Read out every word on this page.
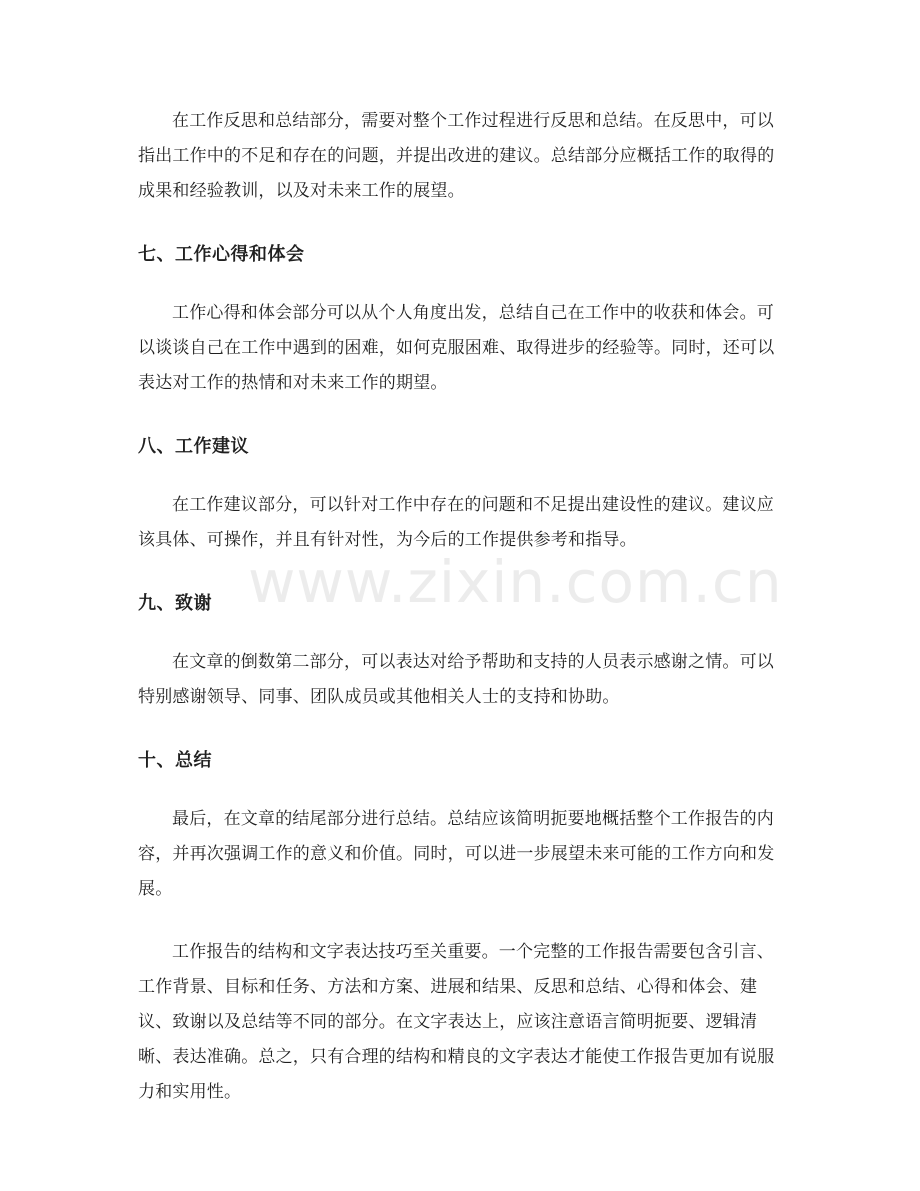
在工作反思和总结部分，需要对整个工作过程进行反思和总结。在反思中，可以指出工作中的不足和存在的问题，并提出改进的建议。总结部分应概括工作的取得的成果和经验教训，以及对未来工作的展望。

七、工作心得和体会

工作心得和体会部分可以从个人角度出发，总结自己在工作中的收获和体会。可以谈谈自己在工作中遇到的困难，如何克服困难、取得进步的经验等。同时，还可以表达对工作的热情和对未来工作的期望。

八、工作建议

在工作建议部分，可以针对工作中存在的问题和不足提出建设性的建议。建议应该具体、可操作，并且有针对性，为今后的工作提供参考和指导。

九、致谢

在文章的倒数第二部分，可以表达对给予帮助和支持的人员表示感谢之情。可以特别感谢领导、同事、团队成员或其他相关人士的支持和协助。

十、总结

最后，在文章的结尾部分进行总结。总结应该简明扼要地概括整个工作报告的内容，并再次强调工作的意义和价值。同时，可以进一步展望未来可能的工作方向和发展。

工作报告的结构和文字表达技巧至关重要。一个完整的工作报告需要包含引言、工作背景、目标和任务、方法和方案、进展和结果、反思和总结、心得和体会、建议、致谢以及总结等不同的部分。在文字表达上，应该注意语言简明扼要、逻辑清晰、表达准确。总之，只有合理的结构和精良的文字表达才能使工作报告更加有说服力和实用性。

www.zixin.com.cn
